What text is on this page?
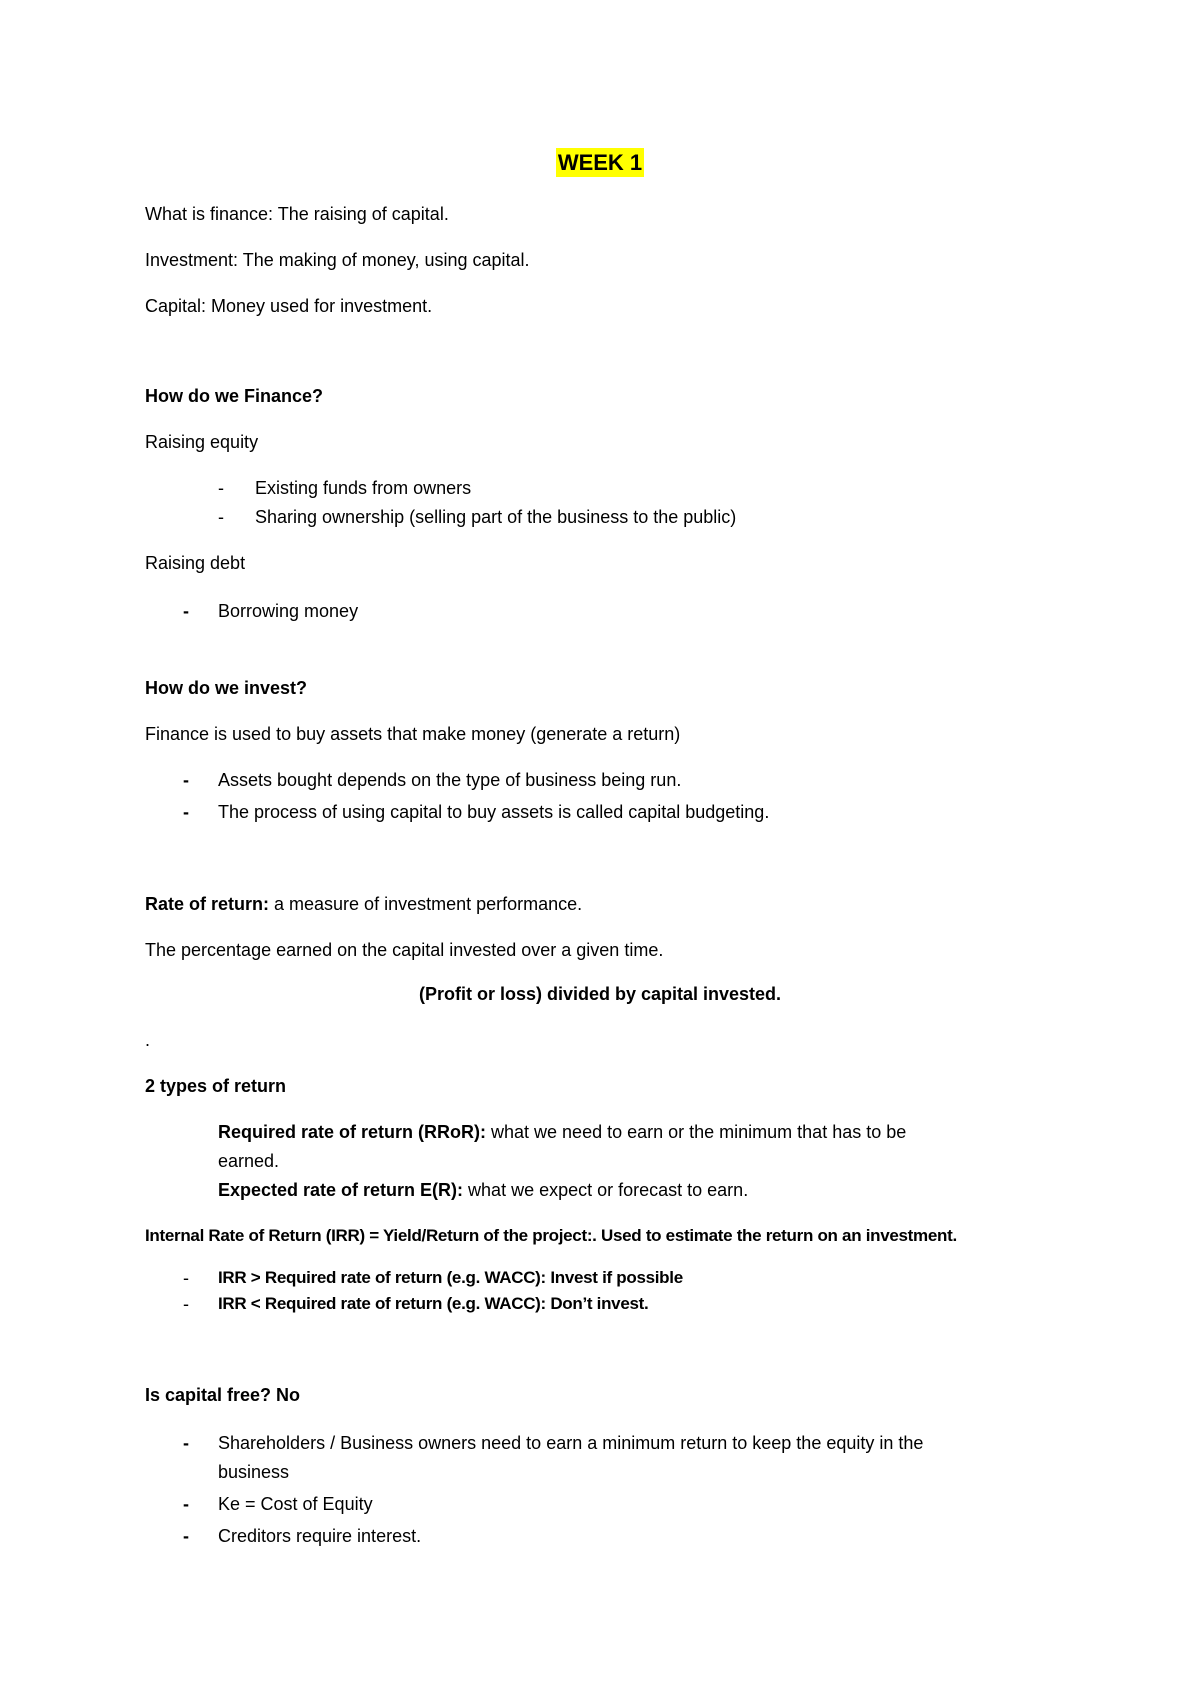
WEEK 1
What is finance: The raising of capital.
Investment: The making of money, using capital.
Capital: Money used for investment.
How do we Finance?
Raising equity
- Existing funds from owners
- Sharing ownership (selling part of the business to the public)
Raising debt
- Borrowing money
How do we invest?
Finance is used to buy assets that make money (generate a return)
- Assets bought depends on the type of business being run.
- The process of using capital to buy assets is called capital budgeting.
Rate of return: a measure of investment performance.
The percentage earned on the capital invested over a given time.
(Profit or loss) divided by capital invested.
.
2 types of return
Required rate of return (RRoR): what we need to earn or the minimum that has to be
earned.
Expected rate of return E(R): what we expect or forecast to earn.
Internal Rate of Return (IRR) = Yield/Return of the project:. Used to estimate the return on an investment.
- IRR > Required rate of return (e.g. WACC): Invest if possible
- IRR < Required rate of return (e.g. WACC): Don’t invest.
Is capital free? No
- Shareholders / Business owners need to earn a minimum return to keep the equity in the
business
- Ke = Cost of Equity
- Creditors require interest.
